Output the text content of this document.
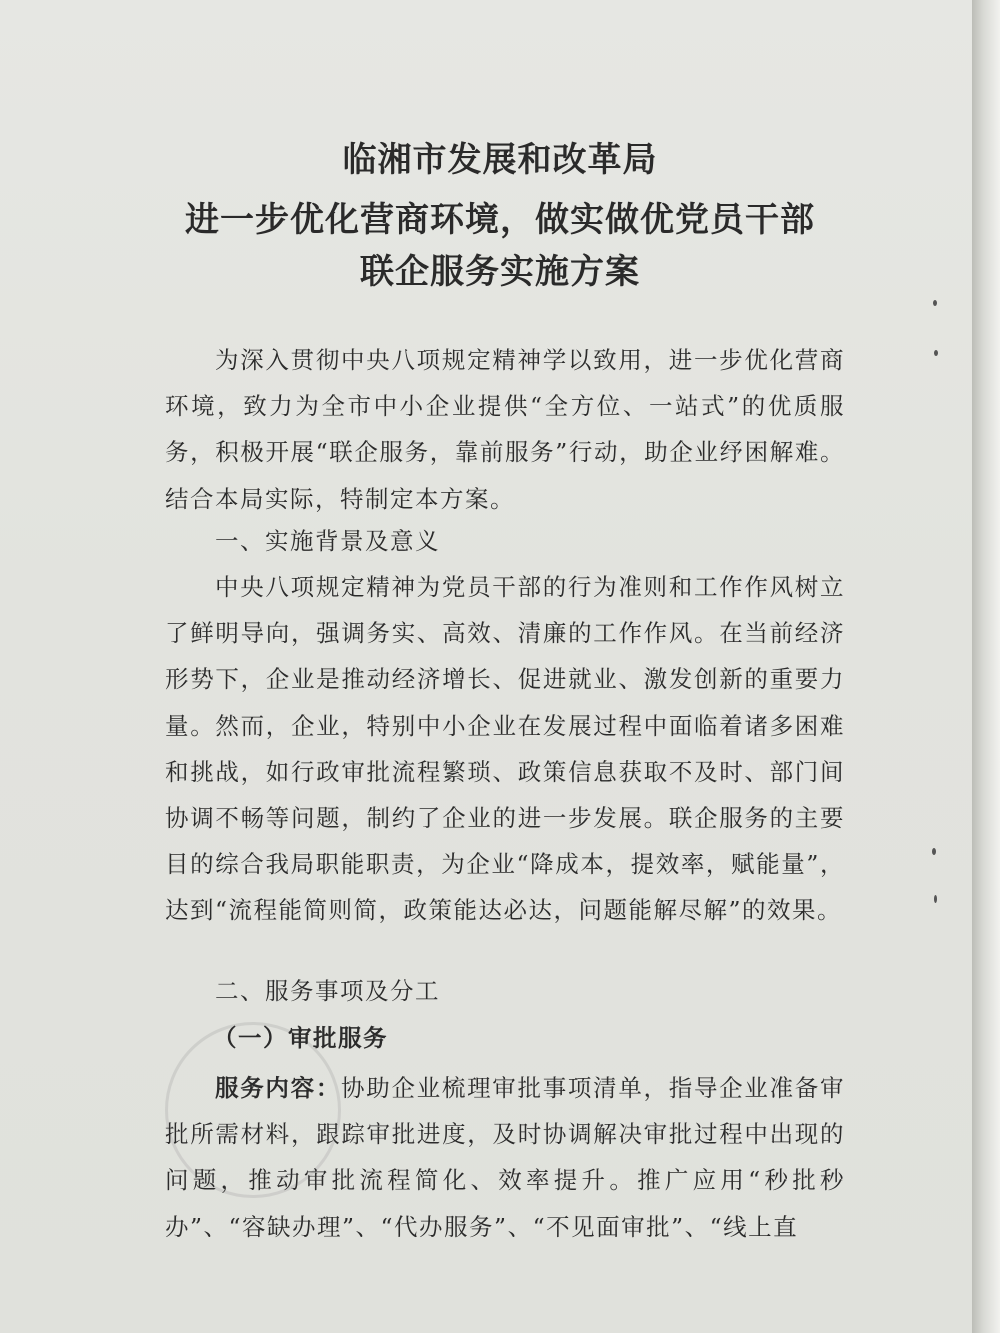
临湘市发展和改革局
进一步优化营商环境，做实做优党员干部
联企服务实施方案
为深入贯彻中央八项规定精神学以致用，进一步优化营商环境，致力为全市中小企业提供“全方位、一站式”的优质服务，积极开展“联企服务，靠前服务”行动，助企业纾困解难。结合本局实际，特制定本方案。
一、实施背景及意义
中央八项规定精神为党员干部的行为准则和工作作风树立了鲜明导向，强调务实、高效、清廉的工作作风。在当前经济形势下，企业是推动经济增长、促进就业、激发创新的重要力量。然而，企业，特别中小企业在发展过程中面临着诸多困难和挑战，如行政审批流程繁琐、政策信息获取不及时、部门间协调不畅等问题，制约了企业的进一步发展。联企服务的主要目的综合我局职能职责，为企业“降成本，提效率，赋能量”，达到“流程能简则简，政策能达必达，问题能解尽解”的效果。
二、服务事项及分工
（一）审批服务
服务内容：协助企业梳理审批事项清单，指导企业准备审批所需材料，跟踪审批进度，及时协调解决审批过程中出现的问题，推动审批流程简化、效率提升。推广应用“秒批秒办”、“容缺办理”、“代办服务”、“不见面审批”、“线上直
